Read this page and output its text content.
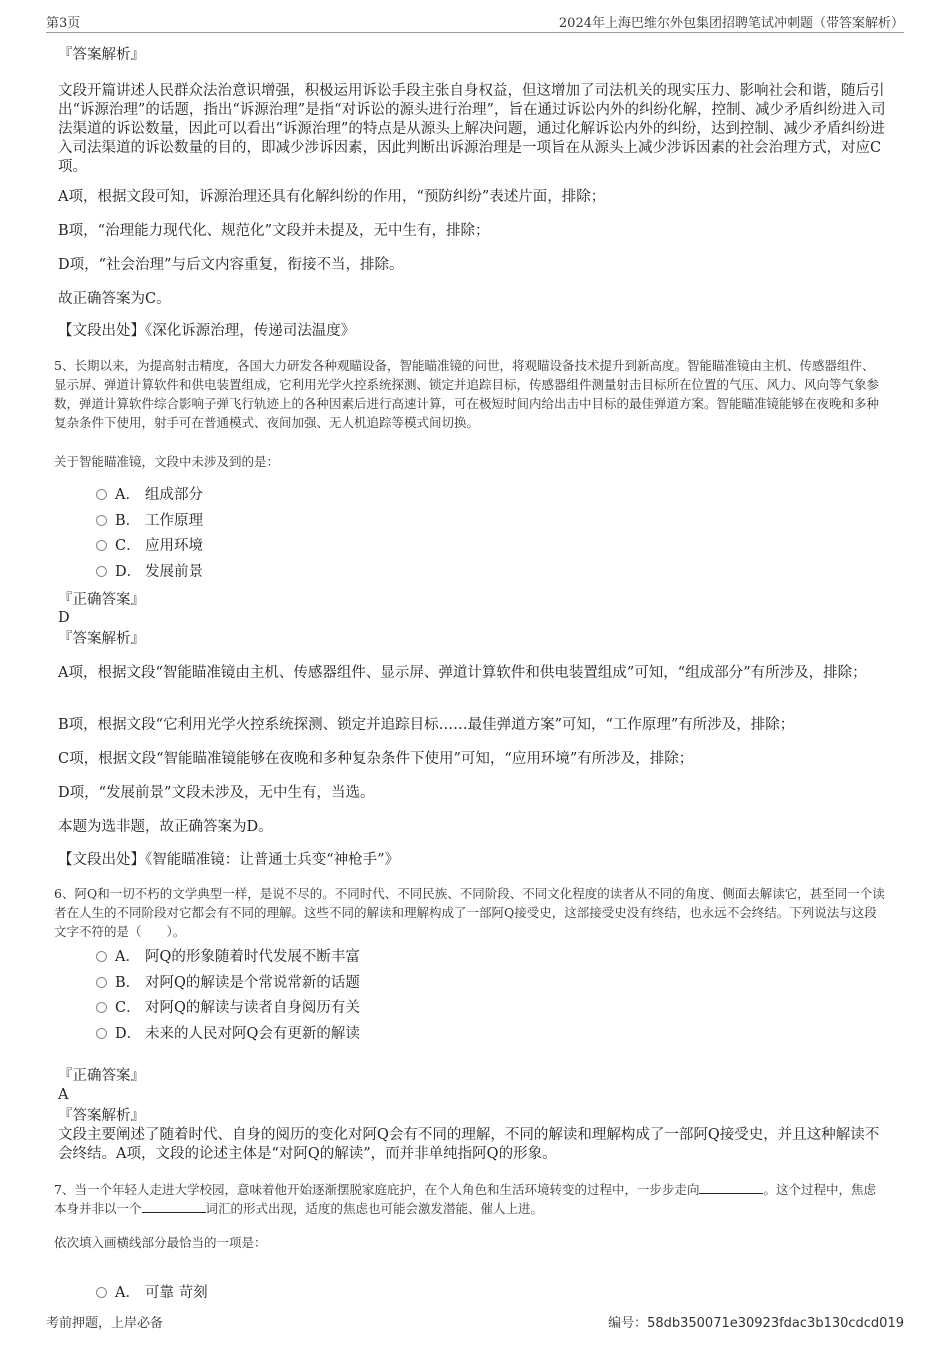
第3页	2024年上海巴维尔外包集团招聘笔试冲刺题（带答案解析）
『答案解析』
文段开篇讲述人民群众法治意识增强，积极运用诉讼手段主张自身权益，但这增加了司法机关的现实压力、影响社会和谐，随后引出“诉源治理”的话题，指出“诉源治理”是指“对诉讼的源头进行治理”，旨在通过诉讼内外的纠纷化解，控制、减少矛盾纠纷进入司法渠道的诉讼数量，因此可以看出“诉源治理”的特点是从源头上解决问题，通过化解诉讼内外的纠纷，达到控制、减少矛盾纠纷进入司法渠道的诉讼数量的目的，即减少涉诉因素，因此判断出诉源治理是一项旨在从源头上减少涉诉因素的社会治理方式，对应C项。
A项，根据文段可知，诉源治理还具有化解纠纷的作用，“预防纠纷”表述片面，排除；
B项，“治理能力现代化、规范化”文段并未提及，无中生有，排除；
D项，“社会治理”与后文内容重复，衔接不当，排除。
故正确答案为C。
【文段出处】《深化诉源治理，传递司法温度》
5、长期以来，为提高射击精度，各国大力研发各种观瞄设备，智能瞄准镜的问世，将观瞄设备技术提升到新高度。智能瞄准镜由主机、传感器组件、显示屏、弹道计算软件和供电装置组成，它利用光学火控系统探测、锁定并追踪目标，传感器组件测量射击目标所在位置的气压、风力、风向等气象参数，弹道计算软件综合影响子弹飞行轨迹上的各种因素后进行高速计算，可在极短时间内给出击中目标的最佳弹道方案。智能瞄准镜能够在夜晚和多种复杂条件下使用，射手可在普通模式、夜间加强、无人机追踪等模式间切换。
关于智能瞄准镜，文段中未涉及到的是：
A． 组成部分
B． 工作原理
C． 应用环境
D． 发展前景
『正确答案』
D
『答案解析』
A项，根据文段“智能瞄准镜由主机、传感器组件、显示屏、弹道计算软件和供电装置组成”可知，“组成部分”有所涉及，排除；
B项，根据文段“它利用光学火控系统探测、锁定并追踪目标……最佳弹道方案”可知，“工作原理”有所涉及，排除；
C项，根据文段“智能瞄准镜能够在夜晚和多种复杂条件下使用”可知，“应用环境”有所涉及，排除；
D项，“发展前景”文段未涉及，无中生有，当选。
本题为选非题，故正确答案为D。
【文段出处】《智能瞄准镜：让普通士兵变“神枪手”》
6、阿Q和一切不朽的文学典型一样，是说不尽的。不同时代、不同民族、不同阶段、不同文化程度的读者从不同的角度、侧面去解读它，甚至同一个读者在人生的不同阶段对它都会有不同的理解。这些不同的解读和理解构成了一部阿Q接受史，这部接受史没有终结，也永远不会终结。下列说法与这段文字不符的是（　　）。
A． 阿Q的形象随着时代发展不断丰富
B． 对阿Q的解读是个常说常新的话题
C． 对阿Q的解读与读者自身阅历有关
D． 未来的人民对阿Q会有更新的解读
『正确答案』
A
『答案解析』
文段主要阐述了随着时代、自身的阅历的变化对阿Q会有不同的理解，不同的解读和理解构成了一部阿Q接受史，并且这种解读不会终结。A项，文段的论述主体是“对阿Q的解读”，而并非单纯指阿Q的形象。
7、当一个年轻人走进大学校园，意味着他开始逐渐摆脱家庭庇护，在个人角色和生活环境转变的过程中，一步步走向	。这个过程中，焦虑本身并非以一个	词汇的形式出现，适度的焦虑也可能会激发潜能、催人上进。
依次填入画横线部分最恰当的一项是：
A． 可靠 苛刻
考前押题，上岸必备	编号：58db350071e30923fdac3b130cdcd019
